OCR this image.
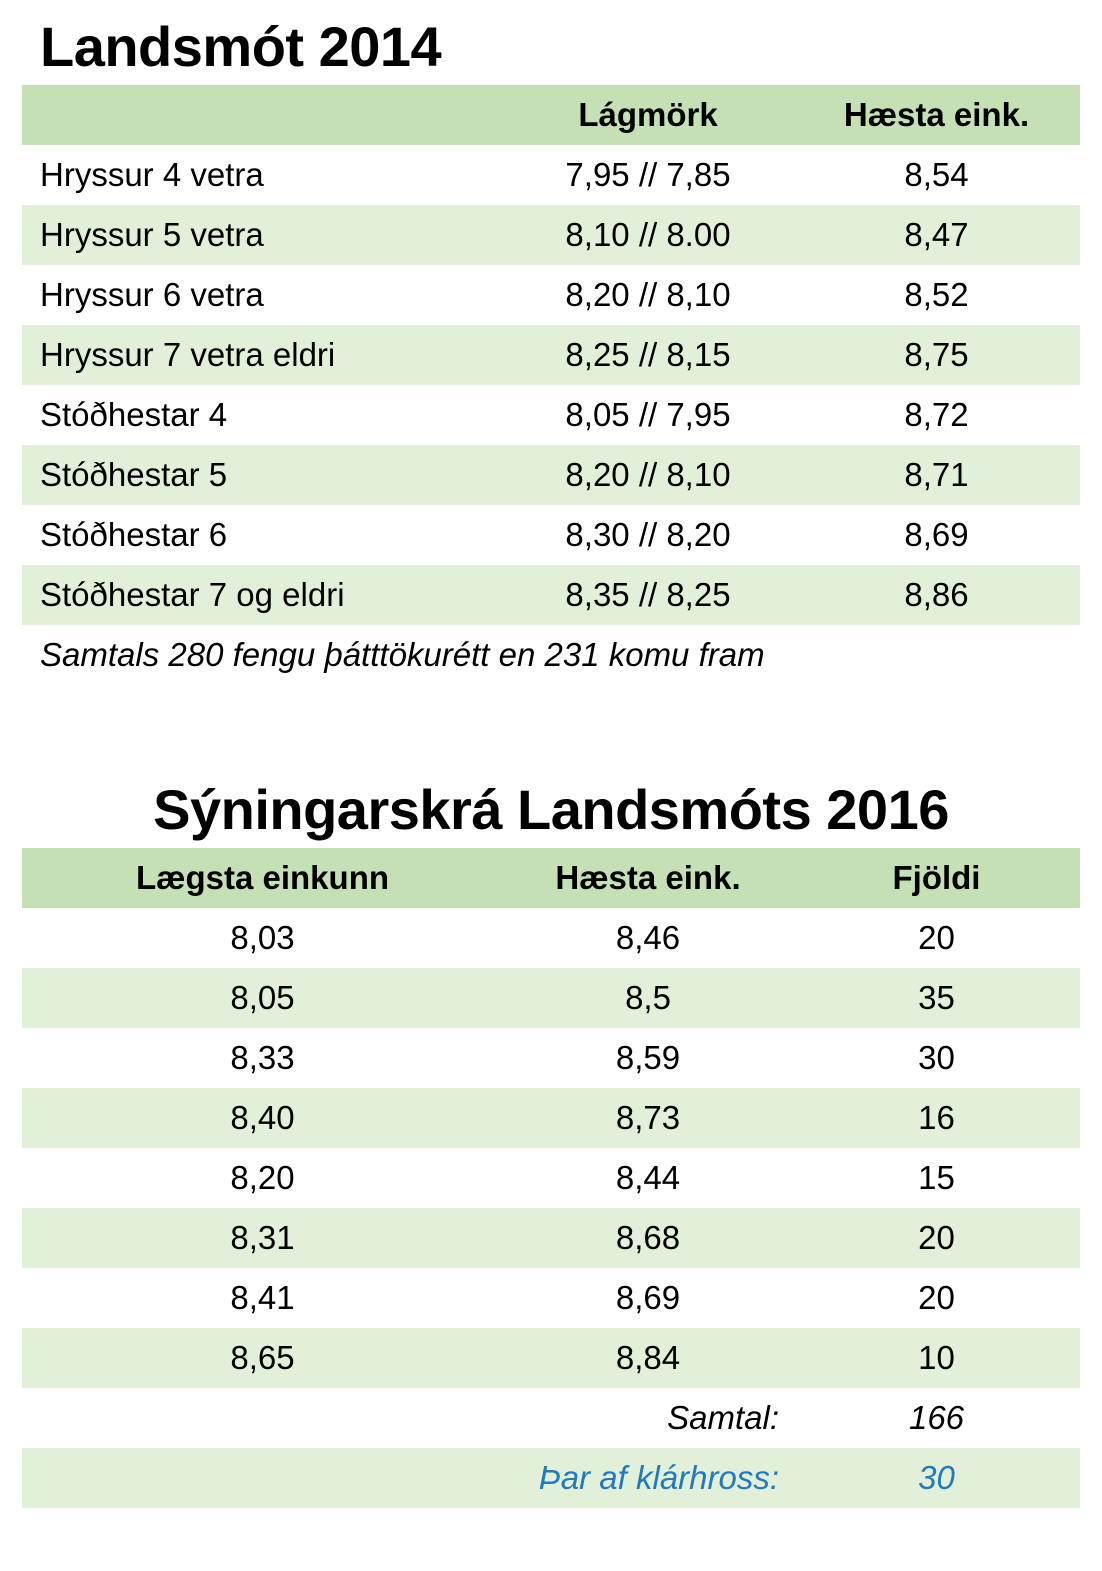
Landsmót 2014
	Lágmörk	Hæsta eink.
Hryssur 4 vetra	7,95 // 7,85	8,54
Hryssur 5 vetra	8,10 // 8.00	8,47
Hryssur 6 vetra	8,20 // 8,10	8,52
Hryssur 7 vetra eldri	8,25 // 8,15	8,75
Stóðhestar 4	8,05 // 7,95	8,72
Stóðhestar 5	8,20 // 8,10	8,71
Stóðhestar 6	8,30 // 8,20	8,69
Stóðhestar 7 og eldri	8,35 // 8,25	8,86
Samtals 280 fengu þátttökurétt en 231 komu fram		
Sýningarskrá Landsmóts 2016
Lægsta einkunn	Hæsta eink.	Fjöldi
8,03	8,46	20
8,05	8,5	35
8,33	8,59	30
8,40	8,73	16
8,20	8,44	15
8,31	8,68	20
8,41	8,69	20
8,65	8,84	10
	Samtal:	166
	Þar af klárhross:	30
